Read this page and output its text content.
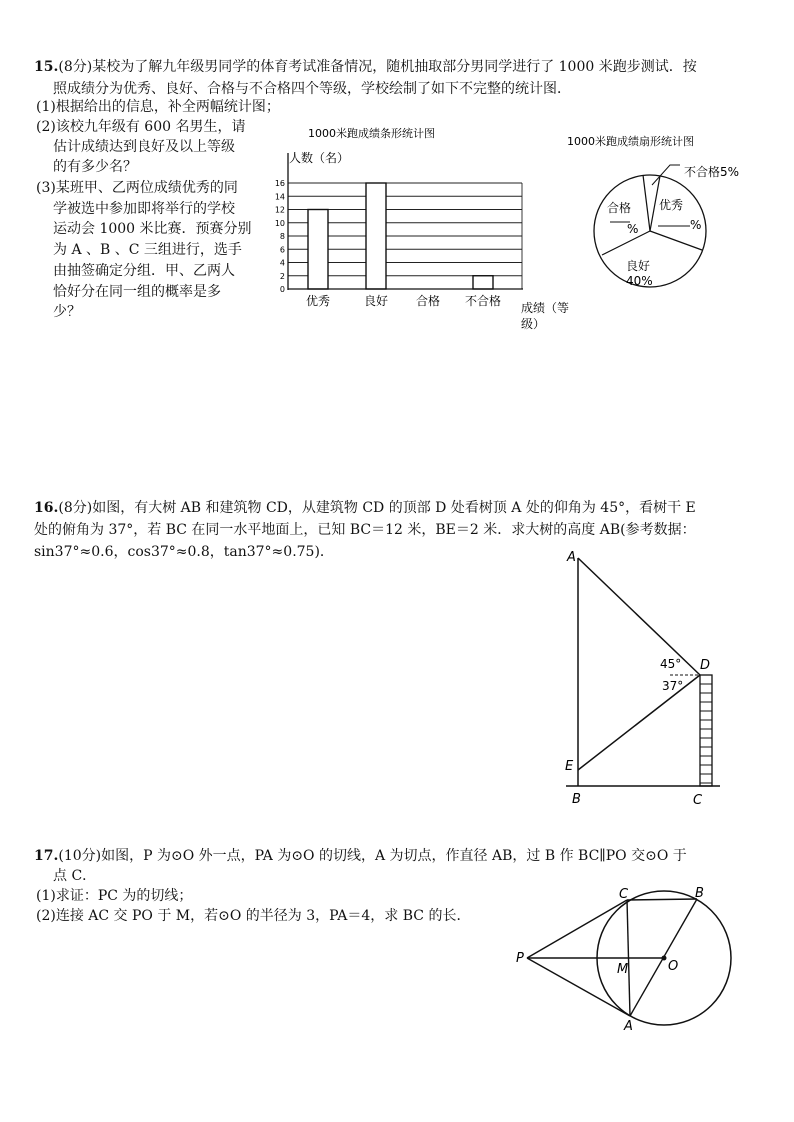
15.(8分)某校为了解九年级男同学的体育考试准备情况，随机抽取部分男同学进行了 1000 米跑步测试．按
照成绩分为优秀、良好、合格与不合格四个等级，学校绘制了如下不完整的统计图．
(1)根据给出的信息，补全两幅统计图；
(2)该校九年级有 600 名男生，请
估计成绩达到良好及以上等级
的有多少名？
(3)某班甲、乙两位成绩优秀的同
学被选中参加即将举行的学校
运动会 1000 米比赛．预赛分别
为 A 、B 、C 三组进行，选手
由抽签确定分组．甲、乙两人
恰好分在同一组的概率是多
少？
1000米跑成绩条形统计图
人数（名）
0
2
4
6
8
10
12
14
16
优秀	良好 合格 不合格 成绩（等
级）
1000米跑成绩扇形统计图
不合格5%
优秀
%
合格
%
良好
40%
16.(8分)如图，有大树 AB 和建筑物 CD，从建筑物 CD 的顶部 D 处看树顶 A 处的仰角为 45°，看树干 E
处的俯角为 37°，若 BC 在同一水平地面上，已知 BC＝12 米，BE＝2 米．求大树的高度 AB(参考数据：
sin37°≈0.6，cos37°≈0.8，tan37°≈0.75)．	A
D
E
B	C
45°
37°
17.(10分)如图，P 为⊙O 外一点，PA 为⊙O 的切线，A 为切点，作直径 AB，过 B 作 BC∥PO 交⊙O 于
点 C．
(1)求证：PC 为的切线；
(2)连接 AC 交 PO 于 M，若⊙O 的半径为 3，PA＝4，求 BC 的长．
P
C	B
M	O
A
